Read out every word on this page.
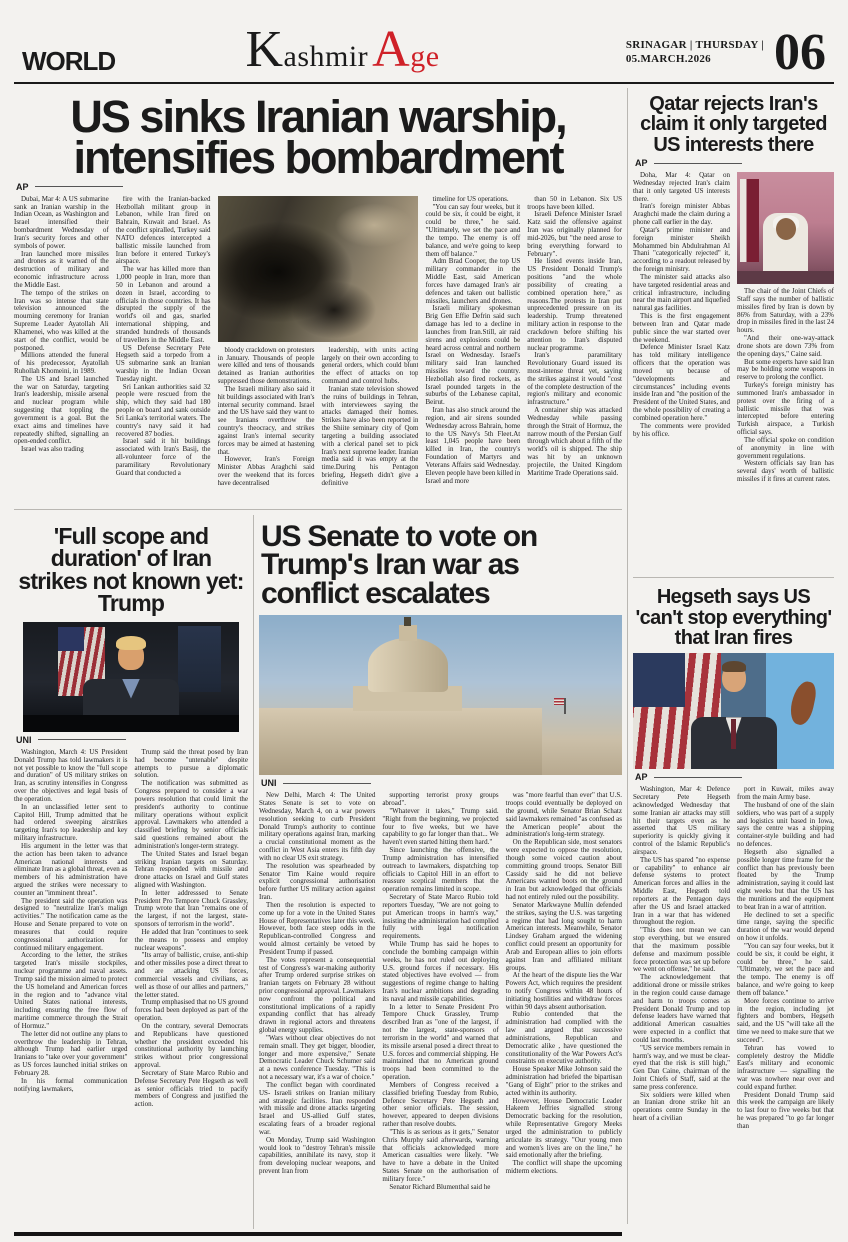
WORLD	Kashmir Age	SRINAGAR | THURSDAY |
05.MARCH.2026	06
US sinks Iranian warship, intensifies bombardment
AP

Dubai, Mar 4: A US submarine sank an Iranian warship in the Indian Ocean, as Washington and Israel intensified their bombardment Wednesday of Iran's security forces and other symbols of power.

Iran launched more missiles and drones as it warned of the destruction of military and economic infrastructure across the Middle East.

The tempo of the strikes on Iran was so intense that state television announced the mourning ceremony for Iranian Supreme Leader Ayatollah Ali Khamenei, who was killed at the start of the conflict, would be postponed.

Millions attended the funeral of his predecessor, Ayatollah Ruhollah Khomeini, in 1989.

The US and Israel launched the war on Saturday, targeting Iran's leadership, missile arsenal and nuclear program while suggesting that toppling the government is a goal. But the exact aims and timelines have repeatedly shifted, signalling an open-ended conflict.

Israel was also trading

fire with the Iranian-backed Hezbollah militant group in Lebanon, while Iran fired on Bahrain, Kuwait and Israel. As the conflict spiralled, Turkey said NATO defences intercepted a ballistic missile launched from Iran before it entered Turkey's airspace.

The war has killed more than 1,000 people in Iran, more than 50 in Lebanon and around a dozen in Israel, according to officials in those countries. It has disrupted the supply of the world's oil and gas, snarled international shipping, and stranded hundreds of thousands of travellers in the Middle East.

US Defense Secretary Pete Hegseth said a torpedo from a US submarine sank an Iranian warship in the Indian Ocean Tuesday night.

Sri Lankan authorities said 32 people were rescued from the ship, which they said had 180 people on board and sank outside Sri Lanka's territorial waters. The country's navy said it had recovered 87 bodies.

Israel said it hit buildings associated with Iran's Basij, the all-volunteer force of the paramilitary Revolutionary Guard that conducted a

bloody crackdown on protesters in January. Thousands of people were killed and tens of thousands detained as Iranian authorities suppressed those demonstrations.

The Israeli military also said it hit buildings associated with Iran's internal security command. Israel and the US have said they want to see Iranians overthrow the country's theocracy, and strikes against Iran's internal security forces may be aimed at hastening that.

However, Iran's Foreign Minister Abbas Araghchi said over the weekend that its forces have decentralised

leadership, with units acting largely on their own according to general orders, which could blunt the effect of attacks on top command and control hubs.

Iranian state television showed the ruins of buildings in Tehran, with interviewees saying the attacks damaged their homes. Strikes have also been reported in the Shiite seminary city of Qom targeting a building associated with a clerical panel set to pick Iran's next supreme leader. Iranian media said it was empty at the time.During his Pentagon briefing, Hegseth didn't give a definitive

timeline for US operations.

"You can say four weeks, but it could be six, it could be eight, it could be three," he said. "Ultimately, we set the pace and the tempo. The enemy is off balance, and we're going to keep them off balance."

Adm Brad Cooper, the top US military commander in the Middle East, said American forces have damaged Iran's air defences and taken out ballistic missiles, launchers and drones.

Israeli military spokesman Brig Gen Effie Defrin said such damage has led to a decline in launches from Iran.Still, air raid sirens and explosions could be heard across central and northern Israel on Wednesday. Israel's military said Iran launched missiles toward the country. Hezbollah also fired rockets, as Israel pounded targets in the suburbs of the Lebanese capital, Beirut.

Iran has also struck around the region, and air sirens sounded Wednesday across Bahrain, home to the US Navy's 5th Fleet.At least 1,045 people have been killed in Iran, the country's Foundation of Martyrs and Veterans Affairs said Wednesday. Eleven people have been killed in Israel and more

than 50 in Lebanon. Six US troops have been killed.

Israeli Defence Minister Israel Katz said the offensive against Iran was originally planned for mid-2026, but "the need arose to bring everything forward to February".

He listed events inside Iran, US President Donald Trump's positions "and the whole possibility of creating a combined operation here," as reasons.The protests in Iran put unprecedented pressure on its leadership. Trump threatened military action in response to the crackdown before shifting his attention to Iran's disputed nuclear programme.

Iran's paramilitary Revolutionary Guard issued its most-intense threat yet, saying the strikes against it would "cost of the complete destruction of the region's military and economic infrastructure."

A container ship was attacked Wednesday while passing through the Strait of Hormuz, the narrow mouth of the Persian Gulf through which about a fifth of the world's oil is shipped. The ship was hit by an unknown projectile, the United Kingdom Maritime Trade Operations said.

'Full scope and duration' of Iran strikes not known yet: Trump
UNI

Washington, March 4: US President Donald Trump has told lawmakers it is not yet possible to know the "full scope and duration" of US military strikes on Iran, as scrutiny intensifies in Congress over the objectives and legal basis of the operation.

In an unclassified letter sent to Capitol Hill, Trump admitted that he had ordered sweeping airstrikes targeting Iran's top leadership and key military infrastructure.

His argument in the letter was that the action has been taken to advance American national interests and eliminate Iran as a global threat, even as members of his administration have argued the strikes were necessary to counter an "imminent threat".

The president said the operation was designed to "neutralize Iran's malign activities." The notification came as the House and Senate prepared to vote on measures that could require congressional authorization for continued military engagement.

According to the letter, the strikes targeted Iran's missile stockpiles, nuclear programme and naval assets. Trump said the mission aimed to protect the US homeland and American forces in the region and to "advance vital United States national interests, including ensuring the free flow of maritime commerce through the Strait of Hormuz."

The letter did not outline any plans to overthrow the leadership in Tehran, although Trump had earlier urged Iranians to "take over your government" as US forces launched initial strikes on February 28.

In his formal communication notifying lawmakers,

Trump said the threat posed by Iran had become "untenable" despite attempts to pursue a diplomatic solution.

The notification was submitted as Congress prepared to consider a war powers resolution that could limit the president's authority to continue military operations without explicit approval. Lawmakers who attended a classified briefing by senior officials said questions remained about the administration's longer-term strategy.

The United States and Israel began striking Iranian targets on Saturday. Tehran responded with missile and drone attacks on Israel and Gulf states aligned with Washington.

In letter addresssed to Senate President Pro Tempore Chuck Grassley, Trump wrote that Iran "remains one of the largest, if not the largest, state-sponsors of terrorism in the world".

He added that Iran "continues to seek the means to possess and employ nuclear weapons".

"Its array of ballistic, cruise, anti-ship and other missiles pose a direct threat to and are attacking US forces, commercial vessels and civilians, as well as those of our allies and partners," the letter stated.

Trump emphasised that no US ground forces had been deployed as part of the operation.

On the contrary, several Democrats and Republicans have questioned whether the president exceeded his constitutional authority by launching strikes without prior congressional approval.

Secretary of State Marco Rubio and Defense Secretary Pete Hegseth as well as senior officials tried to pacify members of Congress and justified the action.

US Senate to vote on Trump's Iran war as conflict escalates
UNI

New Delhi, March 4: The United States Senate is set to vote on Wednesday, March 4, on a war powers resolution seeking to curb President Donald Trump's authority to continue military operations against Iran, marking a crucial constitutional moment as the conflict in West Asia enters its fifth day with no clear US exit strategy.

The resolution was spearheaded by Senator Tim Kaine would require explicit congressional authorisation before further US military action against Iran.

Then the resolution is expected to come up for a vote in the United States House of Representatives later this week. However, both face steep odds in the Republican-controlled Congress and would almost certainly be vetoed by President Trump if passed.

The votes represent a consequential test of Congress's war-making authority after Trump ordered surprise strikes on Iranian targets on February 28 without prior congressional approval. Lawmakers now confront the political and constitutional implications of a rapidly expanding conflict that has already drawn in regional actors and threatens global energy supplies.

"Wars without clear objectives do not remain small. They get bigger, bloodier, longer and more expensive," Senate Democratic Leader Chuck Schumer said at a news conference Tuesday. "This is not a necessary war, it's a war of choice."

The conflict began with coordinated US- Israeli strikes on Iranian military and strategic facilities. Iran responded with missile and drone attacks targeting Israel and US-allied Gulf states, escalating fears of a broader regional war.

On Monday, Trump said Washington would look to "destroy Tehran's missile capabilities, annihilate its navy, stop it from developing nuclear weapons, and prevent Iran from

supporting terrorist proxy groups abroad".

"Whatever it takes," Trump said. "Right from the beginning, we projected four to five weeks, but we have capability to go far longer than that... We haven't even started hitting them hard."

Since launching the offensive, the Trump administration has intensified outreach to lawmakers, dispatching top officials to Capitol Hill in an effort to reassure sceptical members that the operation remains limited in scope.

Secretary of State Marco Rubio told reporters Tuesday, "We are not going to put American troops in harm's way," insisting the administration had complied fully with legal notification requirements.

While Trump has said he hopes to conclude the bombing campaign within weeks, he has not ruled out deploying U.S. ground forces if necessary. His stated objectives have evolved — from suggestions of regime change to halting Iran's nuclear ambitions and degrading its naval and missile capabilities.

In a letter to Senate President Pro Tempore Chuck Grassley, Trump described Iran as "one of the largest, if not the largest, state-sponsors of terrorism in the world" and warned that its missile arsenal posed a direct threat to U.S. forces and commercial shipping. He maintained that no American ground troops had been committed to the operation.

Members of Congress received a classified briefing Tuesday from Rubio, Defence Secretary Pete Hegseth and other senior officials. The session, however, appeared to deepen divisions rather than resolve doubts.

"This is as serious as it gets," Senator Chris Murphy said afterwards, warning that officials acknowledged more American casualties were likely. "We have to have a debate in the United States Senate on the authorisation of military force."

Senator Richard Blumenthal said he

was "more fearful than ever" that U.S. troops could eventually be deployed on the ground, while Senator Brian Schatz said lawmakers remained "as confused as the American people" about the administration's long-term strategy.

On the Republican side, most senators were expected to oppose the resolution, though some voiced caution about committing ground troops. Senator Bill Cassidy said he did not believe Americans wanted boots on the ground in Iran but acknowledged that officials had not entirely ruled out the possibility.

Senator Markwayne Mullin defended the strikes, saying the U.S. was targeting a regime that had long sought to harm American interests. Meanwhile, Senator Lindsey Graham argued the widening conflict could present an opportunity for Arab and European allies to join efforts against Iran and affiliated militant groups.

At the heart of the dispute lies the War Powers Act, which requires the president to notify Congress within 48 hours of initiating hostilities and withdraw forces within 90 days absent authorisation.

Rubio contended that the administration had complied with the law and argued that successive administrations, Republican and Democratic alike , have questioned the constitutionality of the War Powers Act's constraints on executive authority.

House Speaker Mike Johnson said the administration had briefed the bipartisan "Gang of Eight" prior to the strikes and acted within its authority.

However, House Democratic Leader Hakeem Jeffries signalled strong Democratic backing for the resolution, while Representative Gregory Meeks urged the administration to publicly articulate its strategy. "Our young men and women's lives are on the line," he said emotionally after the briefing.

The conflict will shape the upcoming midterm elections.

Qatar rejects Iran's claim it only targeted US interests there
AP

Doha, Mar 4: Qatar on Wednesday rejected Iran's claim that it only targeted US interests there.

Iran's foreign minister Abbas Araghchi made the claim during a phone call earlier in the day.

Qatar's prime minister and foreign minister Sheikh Mohammed bin Abdulrahman Al Thani "categorically rejected" it, according to a readout released by the foreign ministry.

The minister said attacks also have targeted residential areas and critical infrastructure, including near the main airport and liquefied natural gas facilities.

This is the first engagement between Iran and Qatar made public since the war started over the weekend.

Defence Minister Israel Katz has told military intelligence officers that the operation was moved up because of "developments and circumstances" including events inside Iran and "the position of the President of the United States, and the whole possibility of creating a combined operation here."

The comments were provided by his office.

The chair of the Joint Chiefs of Staff says the number of ballistic missiles fired by Iran is down by 86% from Saturday, with a 23% drop in missiles fired in the last 24 hours.

"And their one-way-attack drone shots are down 73% from the opening days," Caine said.

But some experts have said Iran may be holding some weapons in reserve to prolong the conflict.

Turkey's foreign ministry has summoned Iran's ambassador in protest over the firing of a ballistic missile that was intercepted before entering Turkish airspace, a Turkish official says.

The official spoke on condition of anonymity in line with government regulations.

Western officials say Iran has several days' worth of ballistic missiles if it fires at current rates.

Hegseth says US 'can't stop everything' that Iran fires
AP

Washington, Mar 4: Defence Secretary Pete Hegseth acknowledged Wednesday that some Iranian air attacks may still hit their targets even as he asserted that US military superiority is quickly giving it control of the Islamic Republic's airspace.

The US has spared "no expense or capability" to enhance air defense systems to protect American forces and allies in the Middle East, Hegseth told reporters at the Pentagon days after the US and Israel attacked Iran in a war that has widened throughout the region.

"This does not mean we can stop everything, but we ensured that the maximum possible defense and maximum possible force protection was set up before we went on offense," he said.

The acknowledgement that additional drone or missile strikes in the region could cause damage and harm to troops comes as President Donald Trump and top defense leaders have warned that additional American casualties were expected in a conflict that could last months.

"US service members remain in harm's way, and we must be clear-eyed that the risk is still high," Gen Dan Caine, chairman of the Joint Chiefs of Staff, said at the same press conference.

Six soldiers were killed when an Iranian drone strike hit an operations centre Sunday in the heart of a civilian

port in Kuwait, miles away from the main Army base.

The husband of one of the slain soldiers, who was part of a supply and logistics unit based in Iowa, says the centre was a shipping container-style building and had no defences.

Hegseth also signalled a possible longer time frame for the conflict than has previously been floated by the Trump administration, saying it could last eight weeks but that the US has the munitions and the equipment to beat Iran in a war of attrition.

He declined to set a specific time range, saying the specific duration of the war would depend on how it unfolds.

"You can say four weeks, but it could be six, it could be eight, it could be three," he said. "Ultimately, we set the pace and the tempo. The enemy is off balance, and we're going to keep them off balance."

More forces continue to arrive in the region, including jet fighters and bombers, Hegseth said, and the US "will take all the time we need to make sure that we succeed".

Tehran has vowed to completely destroy the Middle East's military and economic infrastructure — signalling the war was nowhere near over and could expand further.

President Donald Trump said this week the campaign are likely to last four to five weeks but that he was prepared "to go far longer than
